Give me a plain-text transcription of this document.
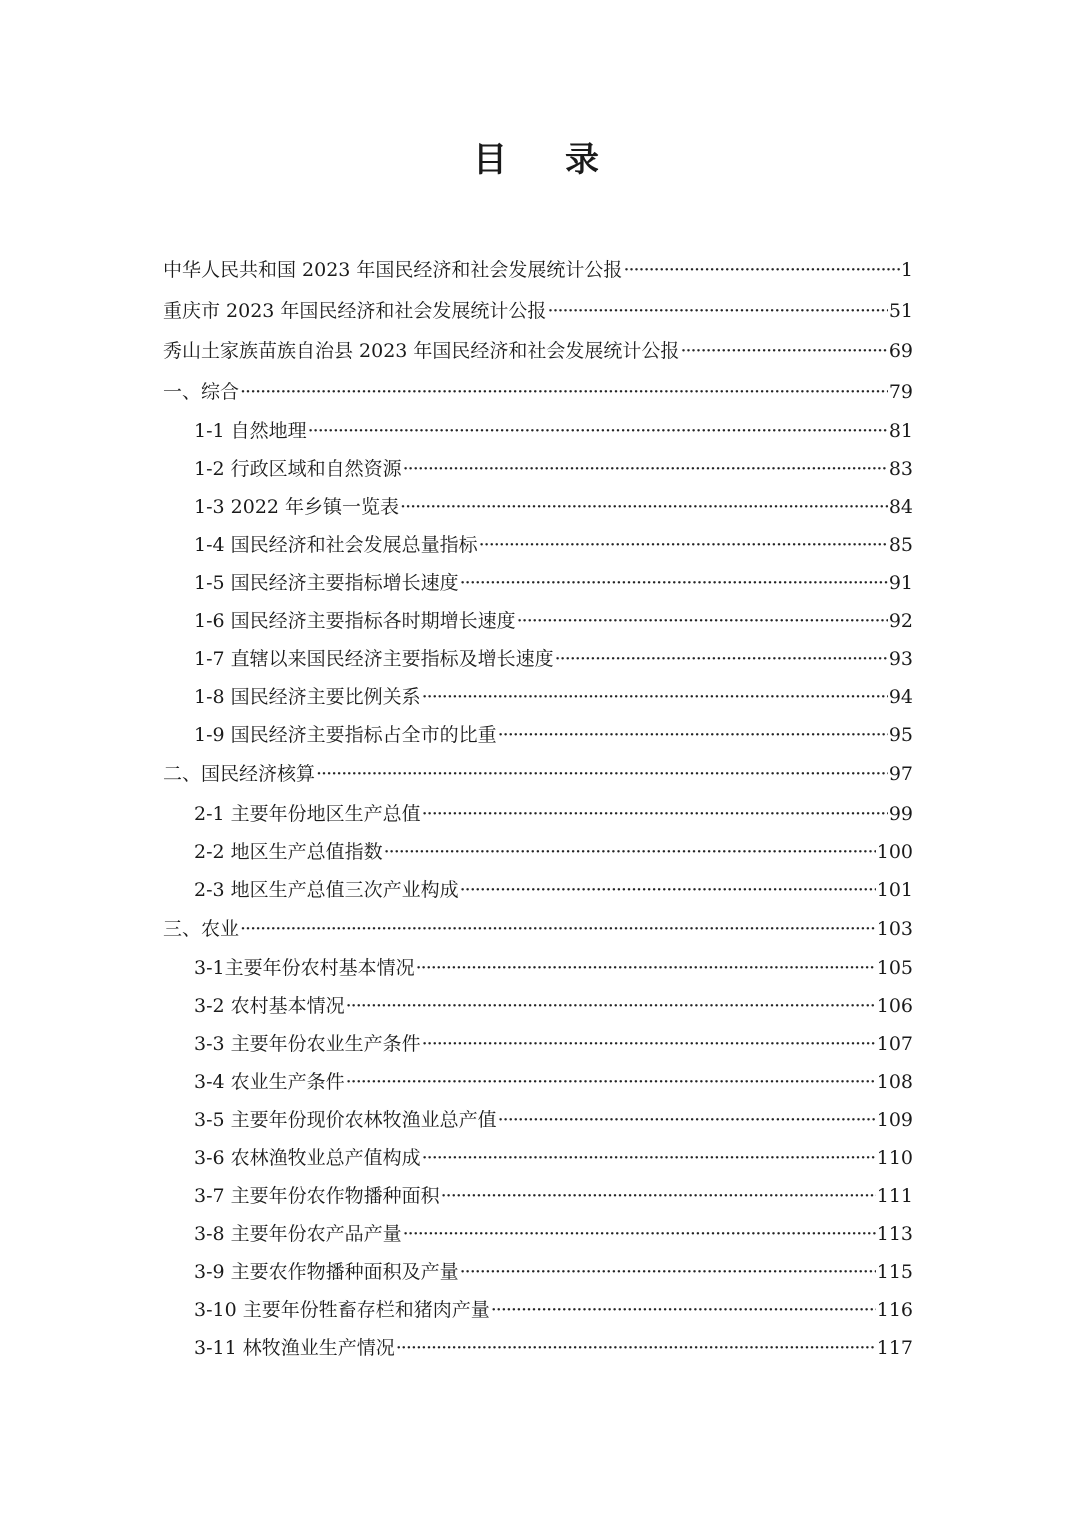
目 录
中华人民共和国 2023 年国民经济和社会发展统计公报 ·····	1
重庆市 2023 年国民经济和社会发展统计公报 ·····	51
秀山土家族苗族自治县 2023 年国民经济和社会发展统计公报 ·····	69
一、综合 ·····	79
1-1 自然地理 ·····	81
1-2 行政区域和自然资源 ·····	83
1-3 2022 年乡镇一览表 ·····	84
1-4 国民经济和社会发展总量指标 ·····	85
1-5 国民经济主要指标增长速度 ·····	91
1-6 国民经济主要指标各时期增长速度 ·····	92
1-7 直辖以来国民经济主要指标及增长速度 ·····	93
1-8 国民经济主要比例关系 ·····	94
1-9 国民经济主要指标占全市的比重 ·····	95
二、国民经济核算 ·····	97
2-1 主要年份地区生产总值 ·····	99
2-2 地区生产总值指数 ·····	100
2-3 地区生产总值三次产业构成 ·····	101
三、农业 ·····	103
3-1主要年份农村基本情况 ·····	105
3-2 农村基本情况 ·····	106
3-3 主要年份农业生产条件 ·····	107
3-4 农业生产条件 ·····	108
3-5 主要年份现价农林牧渔业总产值 ·····	109
3-6 农林渔牧业总产值构成 ·····	110
3-7 主要年份农作物播种面积 ·····	111
3-8 主要年份农产品产量 ·····	113
3-9 主要农作物播种面积及产量 ·····	115
3-10 主要年份牲畜存栏和猪肉产量 ·····	116
3-11 林牧渔业生产情况 ·····	117
